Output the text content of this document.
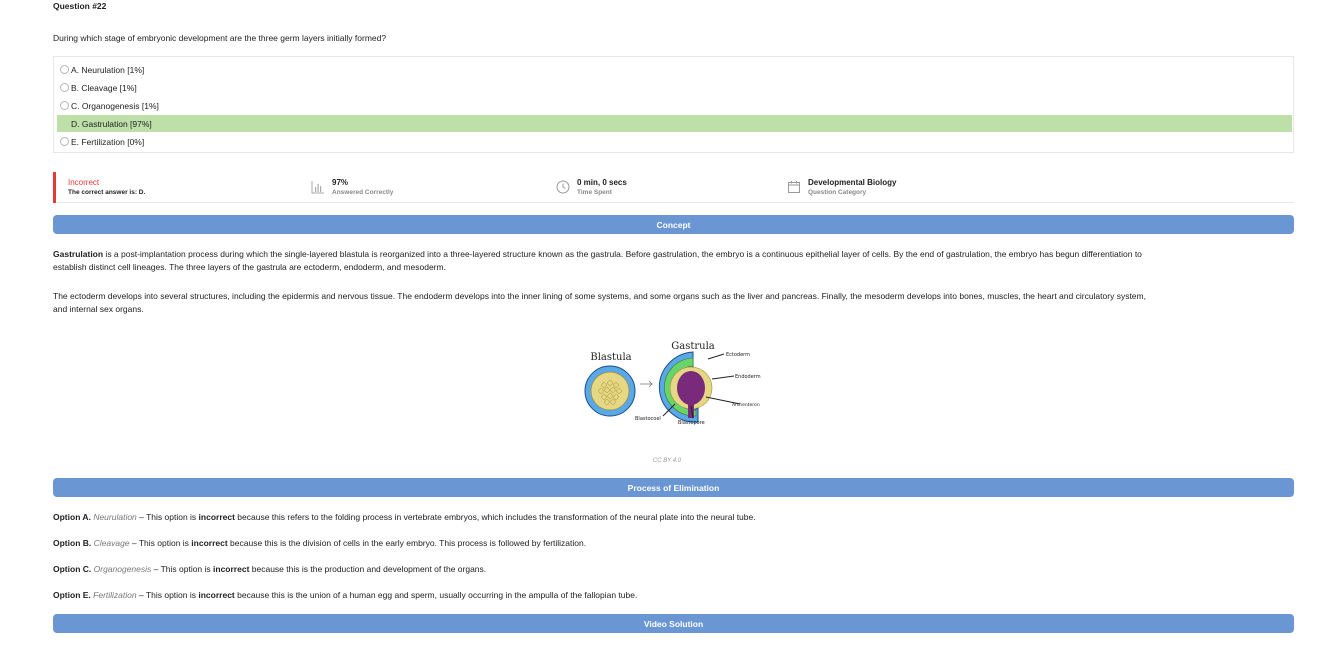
Question #22
During which stage of embryonic development are the three germ layers initially formed?
A. Neurulation [1%]
B. Cleavage [1%]
C. Organogenesis [1%]
D. Gastrulation [97%]
E. Fertilization [0%]
Incorrect
The correct answer is: D.
97%
Answered Correctly
0 min, 0 secs
Time Spent
Developmental Biology
Question Category
Concept
Gastrulation is a post-implantation process during which the single-layered blastula is reorganized into a three-layered structure known as the gastrula. Before gastrulation, the embryo is a continuous epithelial layer of cells. By the end of gastrulation, the embryo has begun differentiation to
establish distinct cell lineages. The three layers of the gastrula are ectoderm, endoderm, and mesoderm.
The ectoderm develops into several structures, including the epidermis and nervous tissue. The endoderm develops into the inner lining of some systems, and some organs such as the liver and pancreas. Finally, the mesoderm develops into bones, muscles, the heart and circulatory system,
and internal sex organs.
Blastula
Gastrula
Ectoderm
Endoderm
Archenteron
Blastocoel
Blastopore
CC BY 4.0
Process of Elimination
Option A. Neurulation – This option is incorrect because this refers to the folding process in vertebrate embryos, which includes the transformation of the neural plate into the neural tube.
Option B. Cleavage – This option is incorrect because this is the division of cells in the early embryo. This process is followed by fertilization.
Option C. Organogenesis – This option is incorrect because this is the production and development of the organs.
Option E. Fertilization – This option is incorrect because this is the union of a human egg and sperm, usually occurring in the ampulla of the fallopian tube.
Video Solution
